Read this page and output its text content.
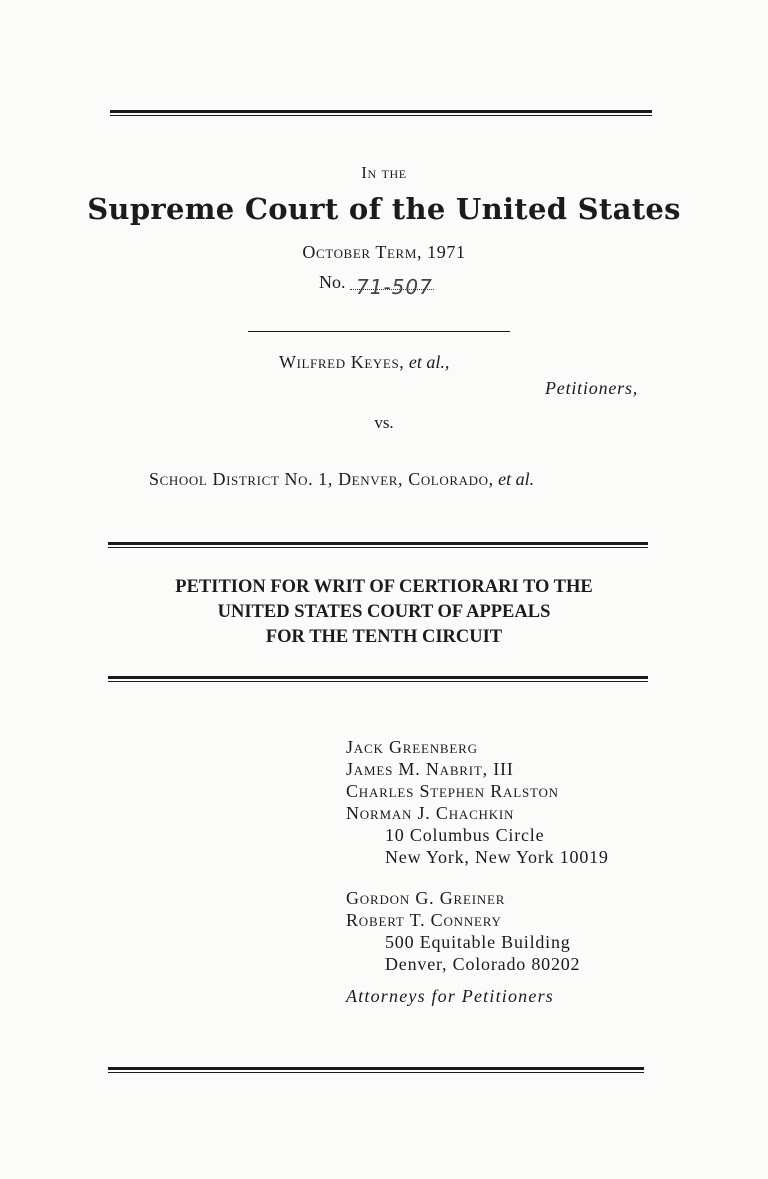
In the
Supreme Court of the United States
October Term, 1971
No. 71-507
Wilfred Keyes, et al.,
Petitioners,
vs.
School District No. 1, Denver, Colorado, et al.
PETITION FOR WRIT OF CERTIORARI TO THE
UNITED STATES COURT OF APPEALS
FOR THE TENTH CIRCUIT
Jack Greenberg
James M. Nabrit, III
Charles Stephen Ralston
Norman J. Chachkin
10 Columbus Circle
New York, New York 10019
Gordon G. Greiner
Robert T. Connery
500 Equitable Building
Denver, Colorado 80202
Attorneys for Petitioners
